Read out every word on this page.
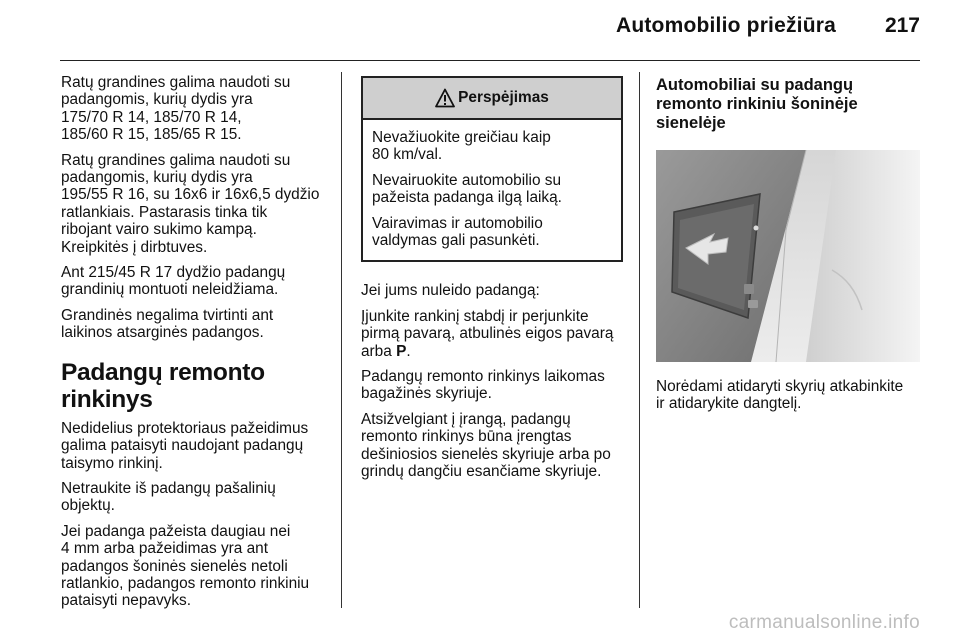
Automobilio priežiūra 217

Ratų grandines galima naudoti su
padangomis, kurių dydis yra
175/70 R 14, 185/70 R 14,
185/60 R 15, 185/65 R 15.

Ratų grandines galima naudoti su
padangomis, kurių dydis yra
195/55 R 16, su 16x6 ir 16x6,5 dydžio
ratlankiais. Pastarasis tinka tik
ribojant vairo sukimo kampą.
Kreipkitės į dirbtuves.

Ant 215/45 R 17 dydžio padangų
grandinių montuoti neleidžiama.

Grandinės negalima tvirtinti ant
laikinos atsarginės padangos.

Padangų remonto rinkinys

Nedidelius protektoriaus pažeidimus
galima pataisyti naudojant padangų
taisymo rinkinį.

Netraukite iš padangų pašalinių
objektų.

Jei padanga pažeista daugiau nei
4 mm arba pažeidimas yra ant
padangos šoninės sienelės netoli
ratlankio, padangos remonto rinkiniu
pataisyti nepavyks.

Perspėjimas

Nevažiuokite greičiau kaip
80 km/val.

Nevairuokite automobilio su
pažeista padanga ilgą laiką.

Vairavimas ir automobilio
valdymas gali pasunkėti.

Jei jums nuleido padangą:

Įjunkite rankinį stabdį ir perjunkite
pirmą pavarą, atbulinės eigos pavarą
arba P.

Padangų remonto rinkinys laikomas
bagažinės skyriuje.

Atsižvelgiant į įrangą, padangų
remonto rinkinys būna įrengtas
dešiniosios sienelės skyriuje arba po
grindų dangčiu esančiame skyriuje.

Automobiliai su padangų
remonto rinkiniu šoninėje
sienelėje

Norėdami atidaryti skyrių atkabinkite
ir atidarykite dangtelį.

carmanualsonline.info
